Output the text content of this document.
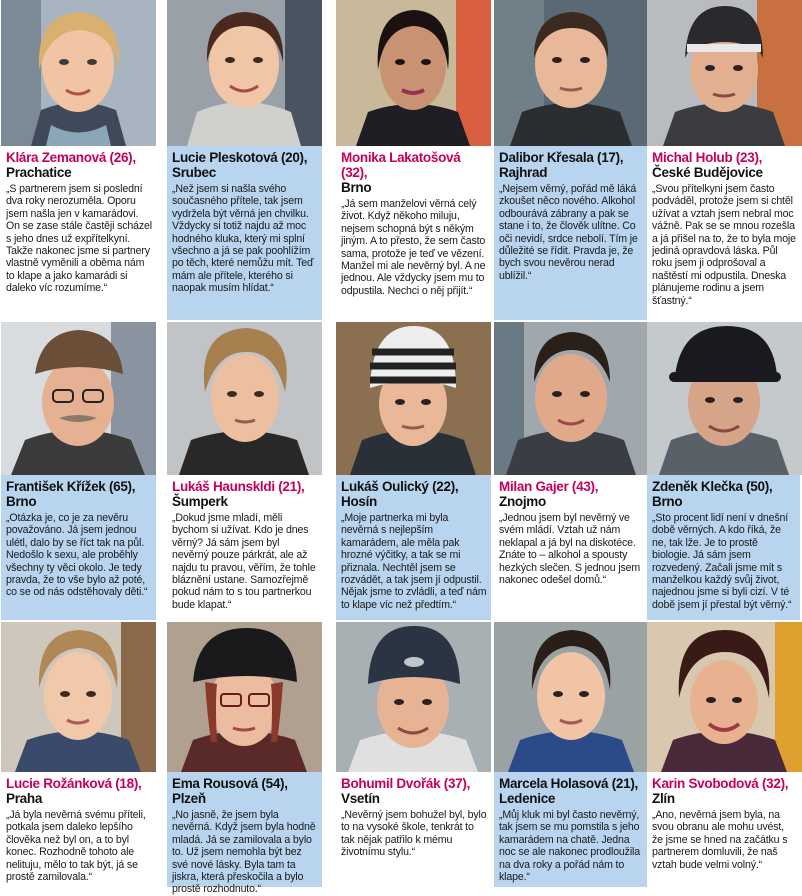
Klára Zemanová (26),
Prachatice
„S partnerem jsem si poslední dva roky nerozuměla. Oporu jsem našla jen v kamarádovi. On se zase stále častěji scházel s jeho dnes už expřítelkyní. Takže nakonec jsme si partnery vlastně vyměnili a oběma nám to klape a jako kamarádi si daleko víc rozumíme.“
Lucie Pleskotová (20),
Srubec
„Než jsem si našla svého současného přítele, tak jsem vydržela být věrná jen chvilku. Vždycky si totiž najdu až moc hodného kluka, který mi splní všechno a já se pak poohlížím po těch, které nemůžu mít. Teď mám ale přítele, kterého si naopak musím hlídat.“
Monika Lakatošová (32),
Brno
„Já sem manželovi věrná celý život. Když někoho miluju, nejsem schopná být s někým jiným. A to přesto, že sem často sama, protože je teď ve vězení. Manžel mi ale nevěrný byl. A ne jednou. Ale vždycky jsem mu to odpustila. Nechci o něj přijít.“
Dalibor Křesala (17),
Rajhrad
„Nejsem věrný, pořád mě láká zkoušet něco nového. Alkohol odbourává zábrany a pak se stane i to, že člověk ulítne. Co oči nevidí, srdce nebolí. Tím je důležité se řídit. Pravda je, že bych svou nevěrou nerad ublížil.“
Michal Holub (23),
České Budějovice
„Svou přítelkyni jsem často podváděl, protože jsem si chtěl užívat a vztah jsem nebral moc vážně. Pak se se mnou rozešla a já přišel na to, že to byla moje jediná opravdová láska. Půl roku jsem ji odprošoval a naštěstí mi odpustila. Dneska plánujeme rodinu a jsem šťastný.“
František Křížek (65),
Brno
„Otázka je, co je za nevěru považováno. Já jsem jednou ulétl, dalo by se říct tak na půl. Nedošlo k sexu, ale proběhly všechny ty věci okolo. Je tedy pravda, že to vše bylo až poté, co se od nás odstěhovaly děti.“
Lukáš Haunskldi (21),
Šumperk
„Dokud jsme mladí, měli bychom si užívat. Kdo je dnes věrný? Já sám jsem byl nevěrný pouze párkrát, ale až najdu tu pravou, věřím, že tohle bláznění ustane. Samozřejmě pokud nám to s tou partnerkou bude klapat.“
Lukáš Oulický (22),
Hosín
„Moje partnerka mi byla nevěrná s nejlepším kamarádem, ale měla pak hrozné výčitky, a tak se mi přiznala. Nechtěl jsem se rozvádět, a tak jsem jí odpustil. Nějak jsme to zvládli, a teď nám to klape víc než předtím.“
Milan Gajer (43),
Znojmo
„Jednou jsem byl nevěrný ve svém mládí. Vztah už nám neklapal a já byl na diskotéce. Znáte to – alkohol a spousty hezkých slečen. S jednou jsem nakonec odešel domů.“
Zdeněk Klečka (50),
Brno
„Sto procent lidí není v dnešní době věrných. A kdo říká, že ne, tak lže. Je to prostě biologie. Já sám jsem rozvedený. Začali jsme mít s manželkou každý svůj život, najednou jsme si byli cizí. V té době jsem jí přestal být věrný.“
Lucie Rožánková (18),
Praha
„Já byla nevěrná svému příteli, potkala jsem daleko lepšího člověka než byl on, a to byl konec. Rozhodně tohoto ale nelituju, mělo to tak být, já se prostě zamilovala.“
Ema Rousová (54), Plzeň
„No jasně, že jsem byla nevěrná. Když jsem byla hodně mladá. Já se zamilovala a bylo to. Už jsem nemohla být bez své nové lásky. Byla tam ta jiskra, která přeskočila a bylo prostě rozhodnuto.“
Bohumil Dvořák (37),
Vsetín
„Nevěrný jsem bohužel byl, bylo to na vysoké škole, tenkrát to tak nějak patřilo k mému životnímu stylu.“
Marcela Holasová (21),
Ledenice
„Můj kluk mi byl často nevěrný, tak jsem se mu pomstila s jeho kamarádem na chatě. Jedna noc se ale nakonec prodloužila na dva roky a pořád nám to klape.“
Karin Svobodová (32),
Zlín
„Ano, nevěrná jsem byla, na svou obranu ale mohu uvést, že jsme se hned na začátku s partnerem domluvili, že naš vztah bude velmi volný.“
